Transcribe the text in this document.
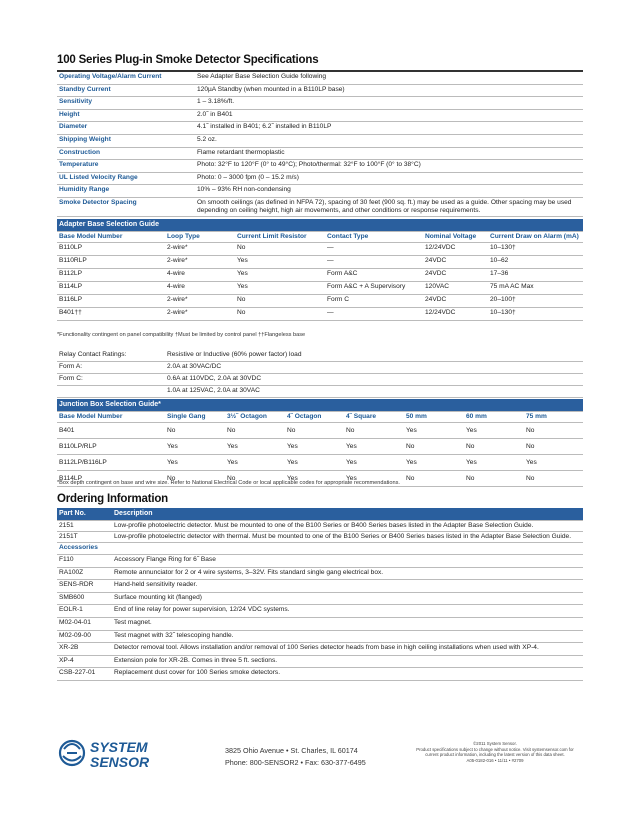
100 Series Plug-in Smoke Detector Specifications
Operating Voltage/Alarm Current	See Adapter Base Selection Guide following
Standby Current	120µA Standby (when mounted in a B110LP base)
Sensitivity	1 – 3.18%/ft.
Height	2.0˝ in B401
Diameter	4.1˝ installed in B401; 6.2˝ installed in B110LP
Shipping Weight	5.2 oz.
Construction	Flame retardant thermoplastic
Temperature	Photo: 32°F to 120°F (0° to 49°C); Photo/thermal: 32°F to 100°F (0° to 38°C)
UL Listed Velocity Range	Photo: 0 – 3000 fpm (0 – 15.2 m/s)
Humidity Range	10% – 93% RH non-condensing
Smoke Detector Spacing	On smooth ceilings (as defined in NFPA 72), spacing of 30 feet (900 sq. ft.) may be used as a guide. Other spacing may be used depending on ceiling height, high air movements, and other conditions or response requirements.
Adapter Base Selection Guide					
Base Model Number	Loop Type	Current Limit Resistor	Contact Type	Nominal Voltage	Current Draw on Alarm (mA)
B110LP	2-wire*	No	—	12/24VDC	10–130†
B110RLP	2-wire*	Yes	—	24VDC	10–62
B112LP	4-wire	Yes	Form A&C	24VDC	17–36
B114LP	4-wire	Yes	Form A&C + A Supervisory	120VAC	75 mA AC Max
B116LP	2-wire*	No	Form C	24VDC	20–100†
B401††	2-wire*	No	—	12/24VDC	10–130†
*Functionality contingent on panel compatibility †Must be limited by control panel ††Flangeless base
Relay Contact Ratings:	Resistive or Inductive (60% power factor) load
Form A:	2.0A at 30VAC/DC
Form C:	0.6A at 110VDC, 2.0A at 30VDC
	1.0A at 125VAC, 2.0A at 30VAC
Junction Box Selection Guide*							
Base Model Number	Single Gang	3½˝ Octagon	4˝ Octagon	4˝ Square	50 mm	60 mm	75 mm
B401	No	No	No	No	Yes	Yes	No
B110LP/RLP	Yes	Yes	Yes	Yes	No	No	No
B112LP/B116LP	Yes	Yes	Yes	Yes	Yes	Yes	Yes
B114LP	No	No	Yes	Yes	No	No	No
*Box depth contingent on base and wire size. Refer to National Electrical Code or local applicable codes for appropriate recommendations.
Ordering Information
Part No.	Description
2151	Low-profile photoelectric detector. Must be mounted to one of the B100 Series or B400 Series bases listed in the Adapter Base Selection Guide.
2151T	Low-profile photoelectric detector with thermal. Must be mounted to one of the B100 Series or B400 Series bases listed in the Adapter Base Selection Guide.
Accessories	
F110	Accessory Flange Ring for 6˝ Base
RA100Z	Remote annunciator for 2 or 4 wire systems, 3–32V. Fits standard single gang electrical box.
SENS-RDR	Hand-held sensitivity reader.
SMB600	Surface mounting kit (flanged)
EOLR-1	End of line relay for power supervision, 12/24 VDC systems.
M02-04-01	Test magnet.
M02-09-00	Test magnet with 32˝ telescoping handle.
XR-2B	Detector removal tool. Allows installation and/or removal of 100 Series detector heads from base in high ceiling installations when used with XP-4.
XP-4	Extension pole for XR-2B. Comes in three 5 ft. sections.
CSB-227-01	Replacement dust cover for 100 Series smoke detectors.
SYSTEM
SENSOR
3825 Ohio Avenue • St. Charles, IL 60174
Phone: 800-SENSOR2 • Fax: 630-377-6495
©2011 System Sensor.
Product specifications subject to change without notice. Visit systemsensor.com for current product information, including the latest version of this data sheet.
A05-0182-016 • 11/11 • #2709
